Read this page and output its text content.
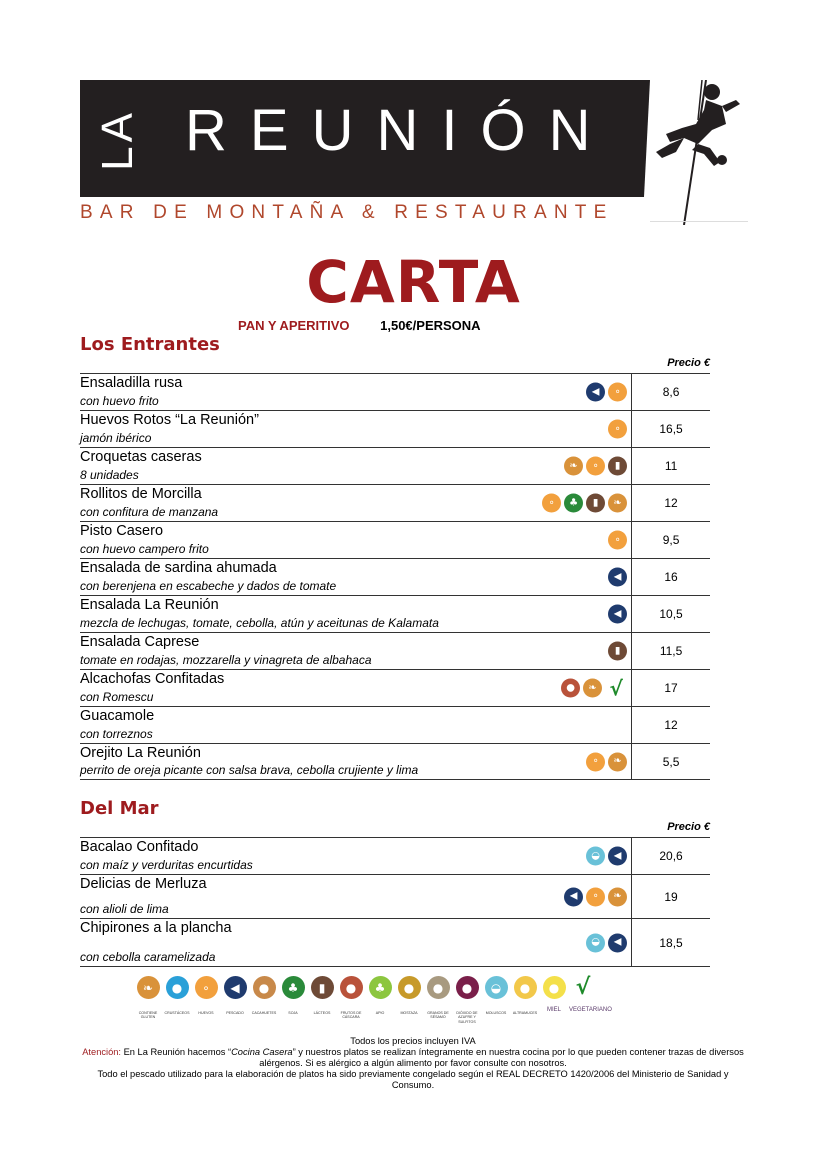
LA REUNIÓN
BAR DE MONTAÑA & RESTAURANTE
CARTA
PAN Y APERITIVO 1,50€/PERSONA
Los Entrantes
Precio €
Ensaladilla rusa
con huevo frito
◀	∘	8,6
Huevos Rotos “La Reunión”
jamón ibérico
∘	16,5
Croquetas caseras
8 unidades
❧	∘	▮	11
Rollitos de Morcilla
con confitura de manzana
∘	♣	▮	❧	12
Pisto Casero
con huevo campero frito
∘	9,5
Ensalada de sardina ahumada
con berenjena en escabeche y dados de tomate
◀	16
Ensalada La Reunión
mezcla de lechugas, tomate, cebolla, atún y aceitunas de Kalamata
◀	10,5
Ensalada Caprese
tomate en rodajas, mozzarella y vinagreta de albahaca
▮	11,5
Alcachofas Confitadas
con Romescu
●	❧ √	17
Guacamole
con torreznos
12
Orejito La Reunión
perrito de oreja picante con salsa brava, cebolla crujiente y lima
∘	❧	5,5
Del Mar
Precio €
Bacalao Confitado
con maíz y verduritas encurtidas
◒	◀	20,6
Delicias de Merluza
con alioli de lima
◀	∘	❧	19
Chipirones a la plancha
con cebolla caramelizada
◒	◀	18,5
❧
CONTIENE GLUTEN
●
CRUSTÁCEOS
∘
HUEVOS
◀
PESCADO
●
CACAHUETES
♣
SOJA
▮
LÁCTEOS
●
FRUTOS DE CÁSCARA
♣
APIO
●
MOSTAZA
●
GRANOS DE SÉSAMO
●
DIÓXIDO DE AZUFRE Y SULFITOS
◒
MOLUSCOS
●
ALTRAMUCES
●
MIEL
√
VEGETARIANO
Todos los precios incluyen IVA
Atención: En La Reunión hacemos “Cocina Casera” y nuestros platos se realizan íntegramente en nuestra cocina por lo que pueden contener trazas de diversos alérgenos. Si es alérgico a algún alimento por favor consulte con nosotros.
Todo el pescado utilizado para la elaboración de platos ha sido previamente congelado según el REAL DECRETO 1420/2006 del Ministerio de Sanidad y Consumo.
